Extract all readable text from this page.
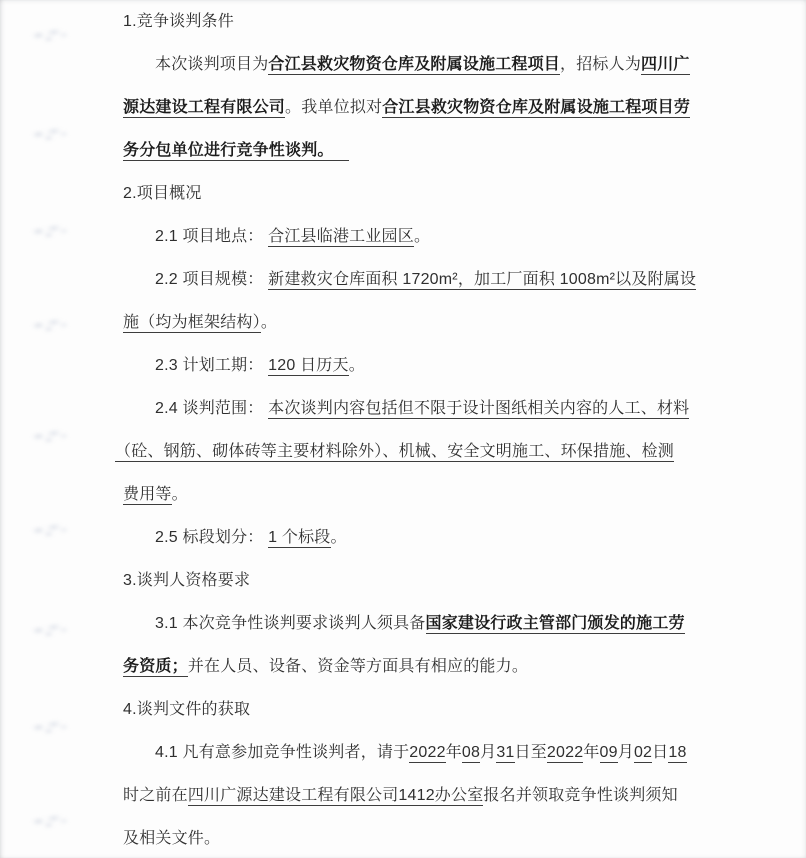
1.竞争谈判条件
本次谈判项目为合江县救灾物资仓库及附属设施工程项目，招标人为四川广
源达建设工程有限公司。我单位拟对合江县救灾物资仓库及附属设施工程项目劳
务分包单位进行竞争性谈判。
2.项目概况
2.1 项目地点： 合江县临港工业园区。
2.2 项目规模： 新建救灾仓库面积 1720m²，加工厂面积 1008m²以及附属设
施（均为框架结构）。
2.3 计划工期： 120 日历天。
2.4 谈判范围： 本次谈判内容包括但不限于设计图纸相关内容的人工、材料
（砼、钢筋、砌体砖等主要材料除外）、机械、安全文明施工、环保措施、检测
费用等。
2.5 标段划分： 1 个标段。
3.谈判人资格要求
3.1 本次竞争性谈判要求谈判人须具备国家建设行政主管部门颁发的施工劳
务资质；并在人员、设备、资金等方面具有相应的能力。
4.谈判文件的获取
4.1 凡有意参加竞争性谈判者，请于2022年08月31日至2022年09月02日18
时之前在四川广源达建设工程有限公司1412办公室报名并领取竞争性谈判须知
及相关文件。
